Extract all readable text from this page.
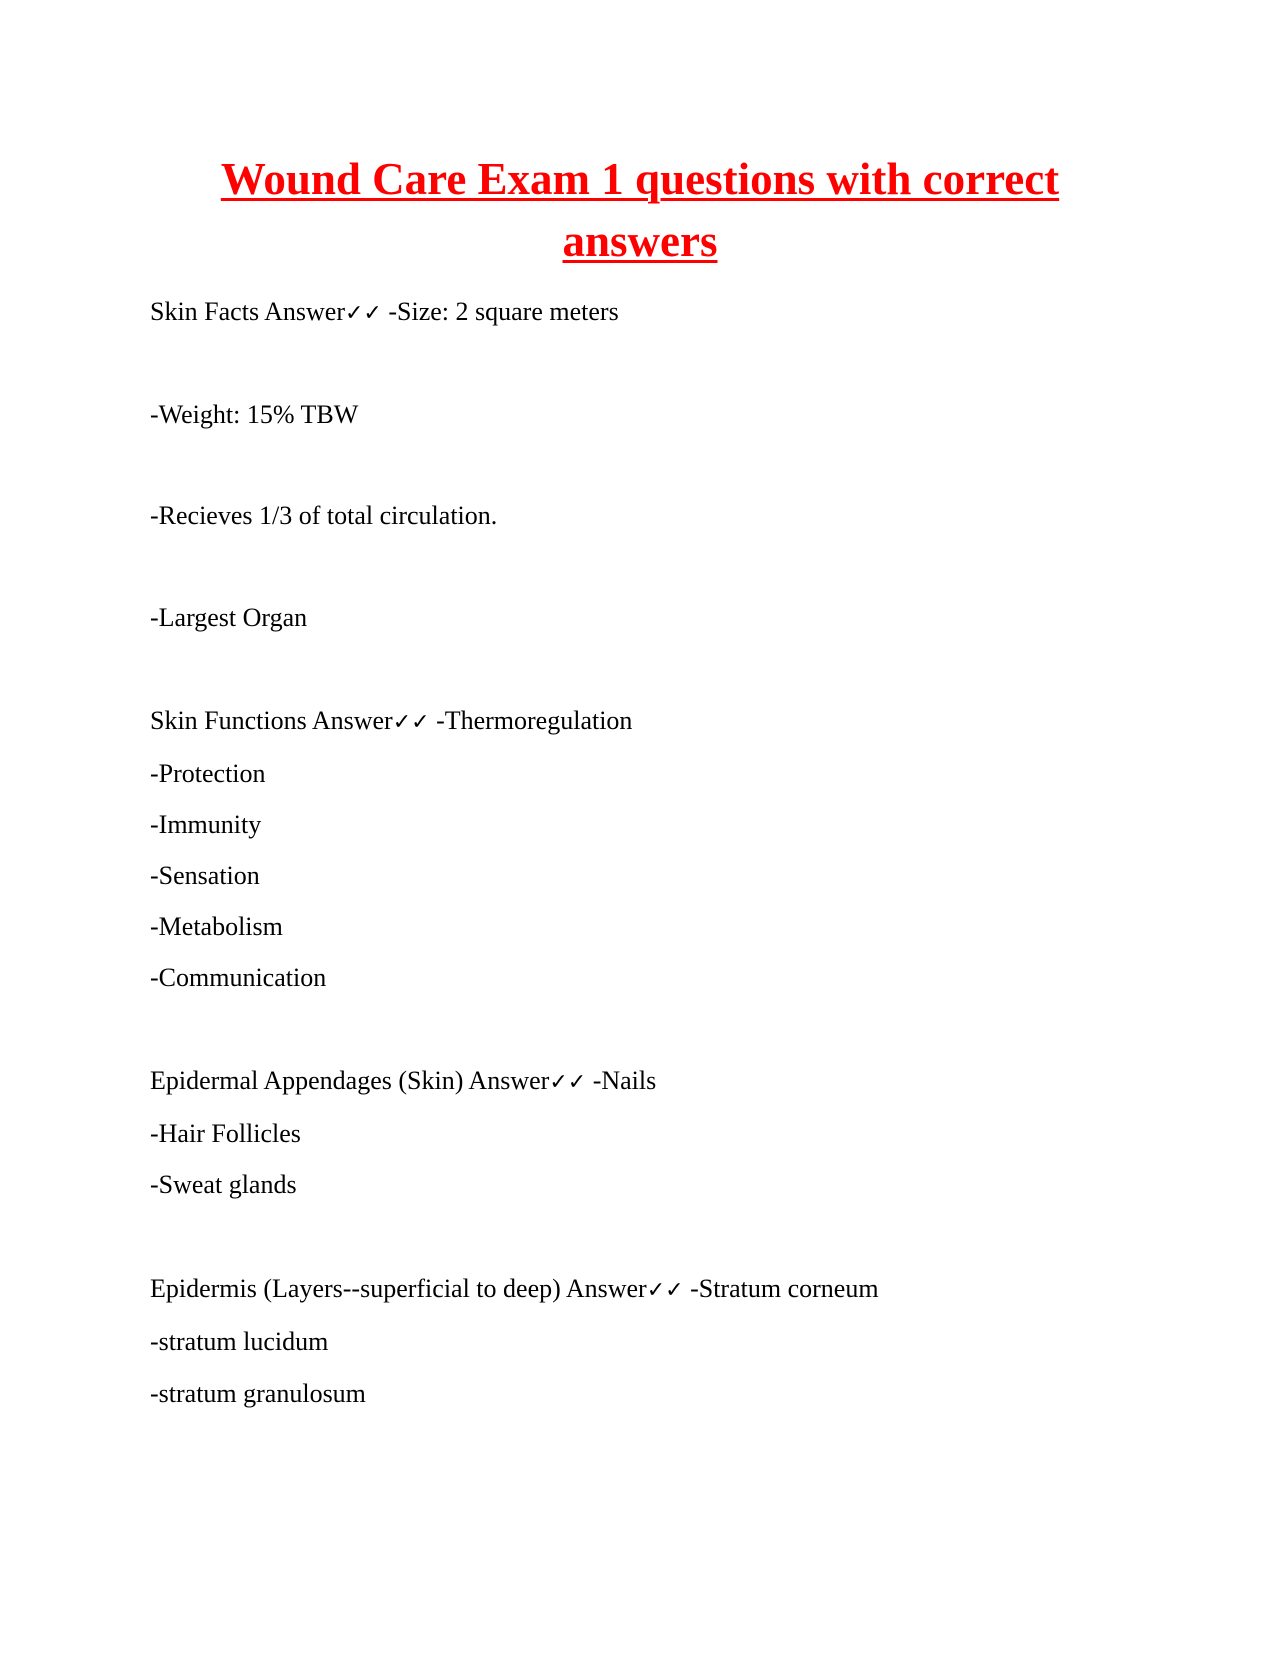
Wound Care Exam 1 questions with correct answers

Skin Facts Answer✓✓ -Size: 2 square meters

-Weight: 15% TBW

-Recieves 1/3 of total circulation.

-Largest Organ

Skin Functions Answer✓✓ -Thermoregulation

-Protection

-Immunity

-Sensation

-Metabolism

-Communication

Epidermal Appendages (Skin) Answer✓✓ -Nails

-Hair Follicles

-Sweat glands

Epidermis (Layers--superficial to deep) Answer✓✓ -Stratum corneum

-stratum lucidum

-stratum granulosum
